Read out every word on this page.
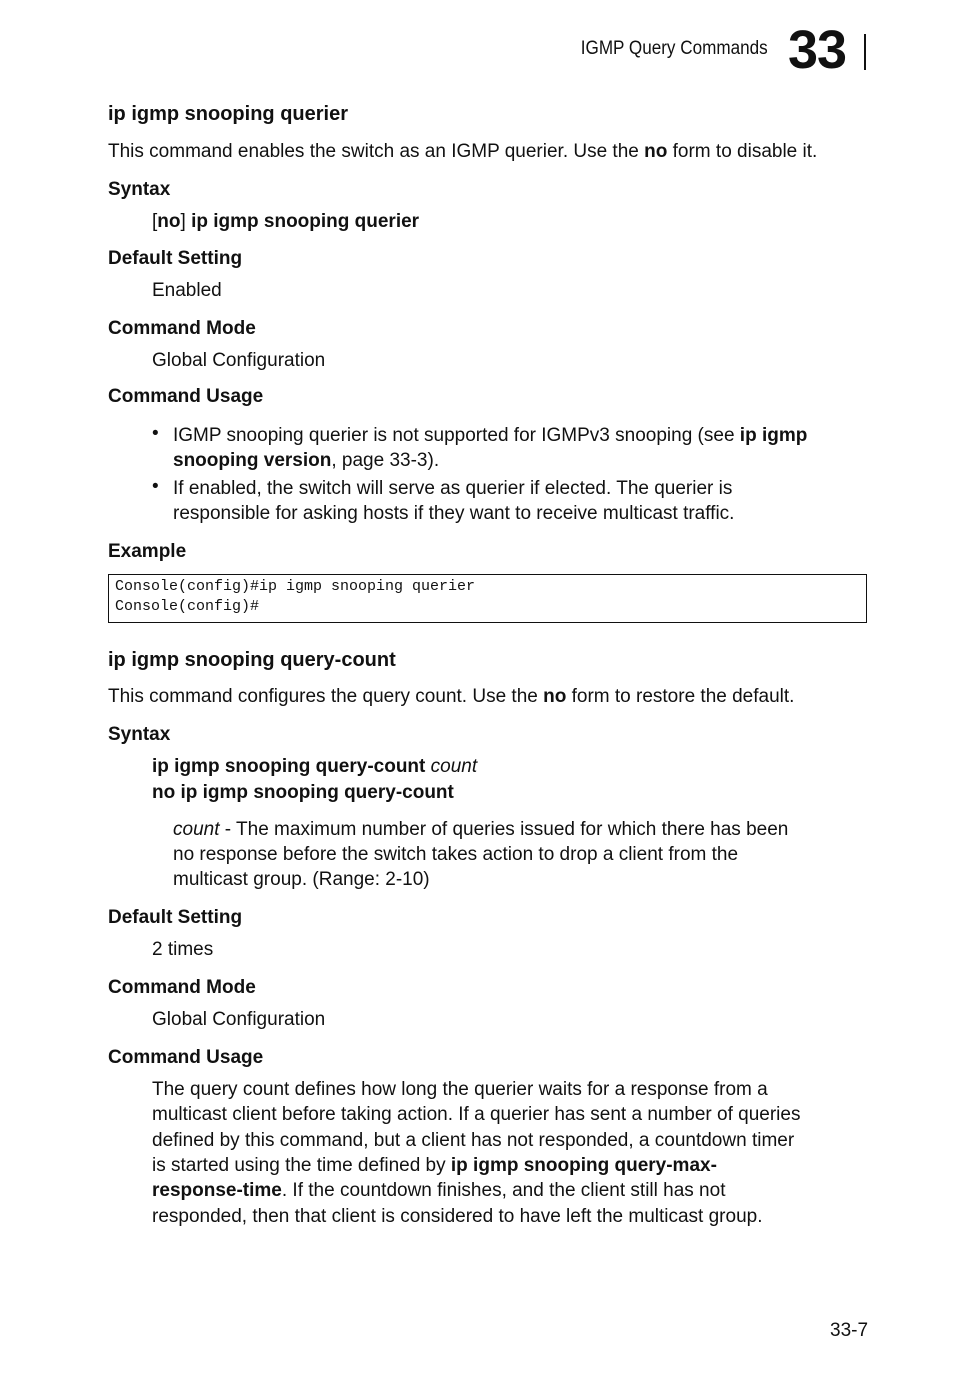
IGMP Query Commands 33
ip igmp snooping querier
This command enables the switch as an IGMP querier. Use the no form to disable it.
Syntax
[no] ip igmp snooping querier
Default Setting
Enabled
Command Mode
Global Configuration
Command Usage
• IGMP snooping querier is not supported for IGMPv3 snooping (see ip igmp
snooping version, page 33-3).
• If enabled, the switch will serve as querier if elected. The querier is
responsible for asking hosts if they want to receive multicast traffic.
Example
Console(config)#ip igmp snooping querier
Console(config)#
ip igmp snooping query-count
This command configures the query count. Use the no form to restore the default.
Syntax
ip igmp snooping query-count count
no ip igmp snooping query-count
count - The maximum number of queries issued for which there has been
no response before the switch takes action to drop a client from the
multicast group. (Range: 2-10)
Default Setting
2 times
Command Mode
Global Configuration
Command Usage
The query count defines how long the querier waits for a response from a
multicast client before taking action. If a querier has sent a number of queries
defined by this command, but a client has not responded, a countdown timer
is started using the time defined by ip igmp snooping query-max-
response-time. If the countdown finishes, and the client still has not
responded, then that client is considered to have left the multicast group.
33-7
